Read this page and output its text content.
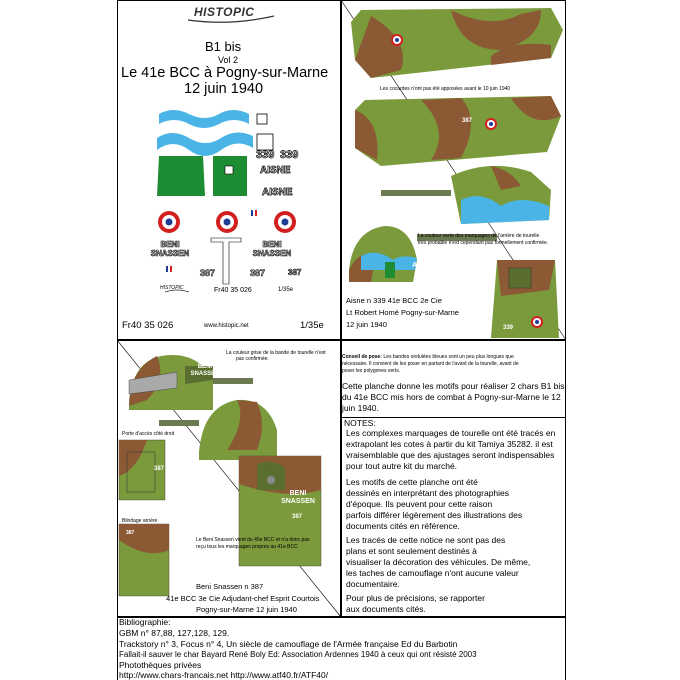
HISTOPIC
B1 bis
Vol 2
Le 41e BCC à Pogny-sur-Marne
12 juin 1940
339 339
AISNE
AISNE
BENI SNASSEN
BENI SNASSEN
387	387	387
Fr40 35 026	1/35e
HISTOPIC
Fr40 35 026	www.histopic.net	1/35e
Les cocardes n'ont pas été apposées avant le 10 juin 1940
387
La couleur verte des marquages de l'arrière de tourelle
très probable n'est cependant pas formellement confirmée.
AISNE
339
Aisne n 339 41e BCC 2e Cie
Lt Robert Homé Pogny-sur-Marne
12 juin 1940
Conseil de pose: Les bandes ondulées bleues sont un peu plus longues que
nécessaire. Il convient de les poser en partant de l'avant de la tourelle, avant de
poser les polygones verts.
La couleur grise de la bande de tourelle n'est
pas confirmée.
BENI SNASSEN
Porte d'accès côté droit
387
Blindage arrière
387
BENI SNASSEN
387
Le Beni Snassen vient du 45e BCC et n'a donc pas
reçu tous les marquages propres au 41e BCC
Beni Snassen n 387
41e BCC 3e Cie Adjudant-chef Esprit Courtois
Pogny-sur-Marne 12 juin 1940
Cette planche donne les motifs pour réaliser 2 chars B1 bis
du 41e BCC mis hors de combat à Pogny-sur-Marne le 12
juin 1940.
NOTES:
Les complexes marquages de tourelle ont été tracés en
extrapolant les cotes à partir du kit Tamiya 35282. il est
vraisemblable que des ajustages seront indispensables
pour tout autre kit du marché.
Les motifs de cette planche ont été
dessinés en interprétant des photographies
d'époque. Ils peuvent pour cette raison
parfois différer légèrement des illustrations des
documents cités en référence.
Les tracés de cette notice ne sont pas des
plans et sont seulement destinés à
visualiser la décoration des véhicules. De même,
les taches de camouflage n'ont aucune valeur
documentaire.
Pour plus de précisions, se rapporter
aux documents cités.
Bibliographie:
GBM n° 87,88, 127,128, 129.
Trackstory n° 3, Focus n° 4, Un siècle de camouflage de l'Armée française Ed du Barbotin
Fallait-il sauver le char Bayard René Boly Ed: Association Ardennes 1940 à ceux qui ont résisté 2003
Photothèques privées
http://www.chars-francais.net http://www.atf40.fr/ATF40/
